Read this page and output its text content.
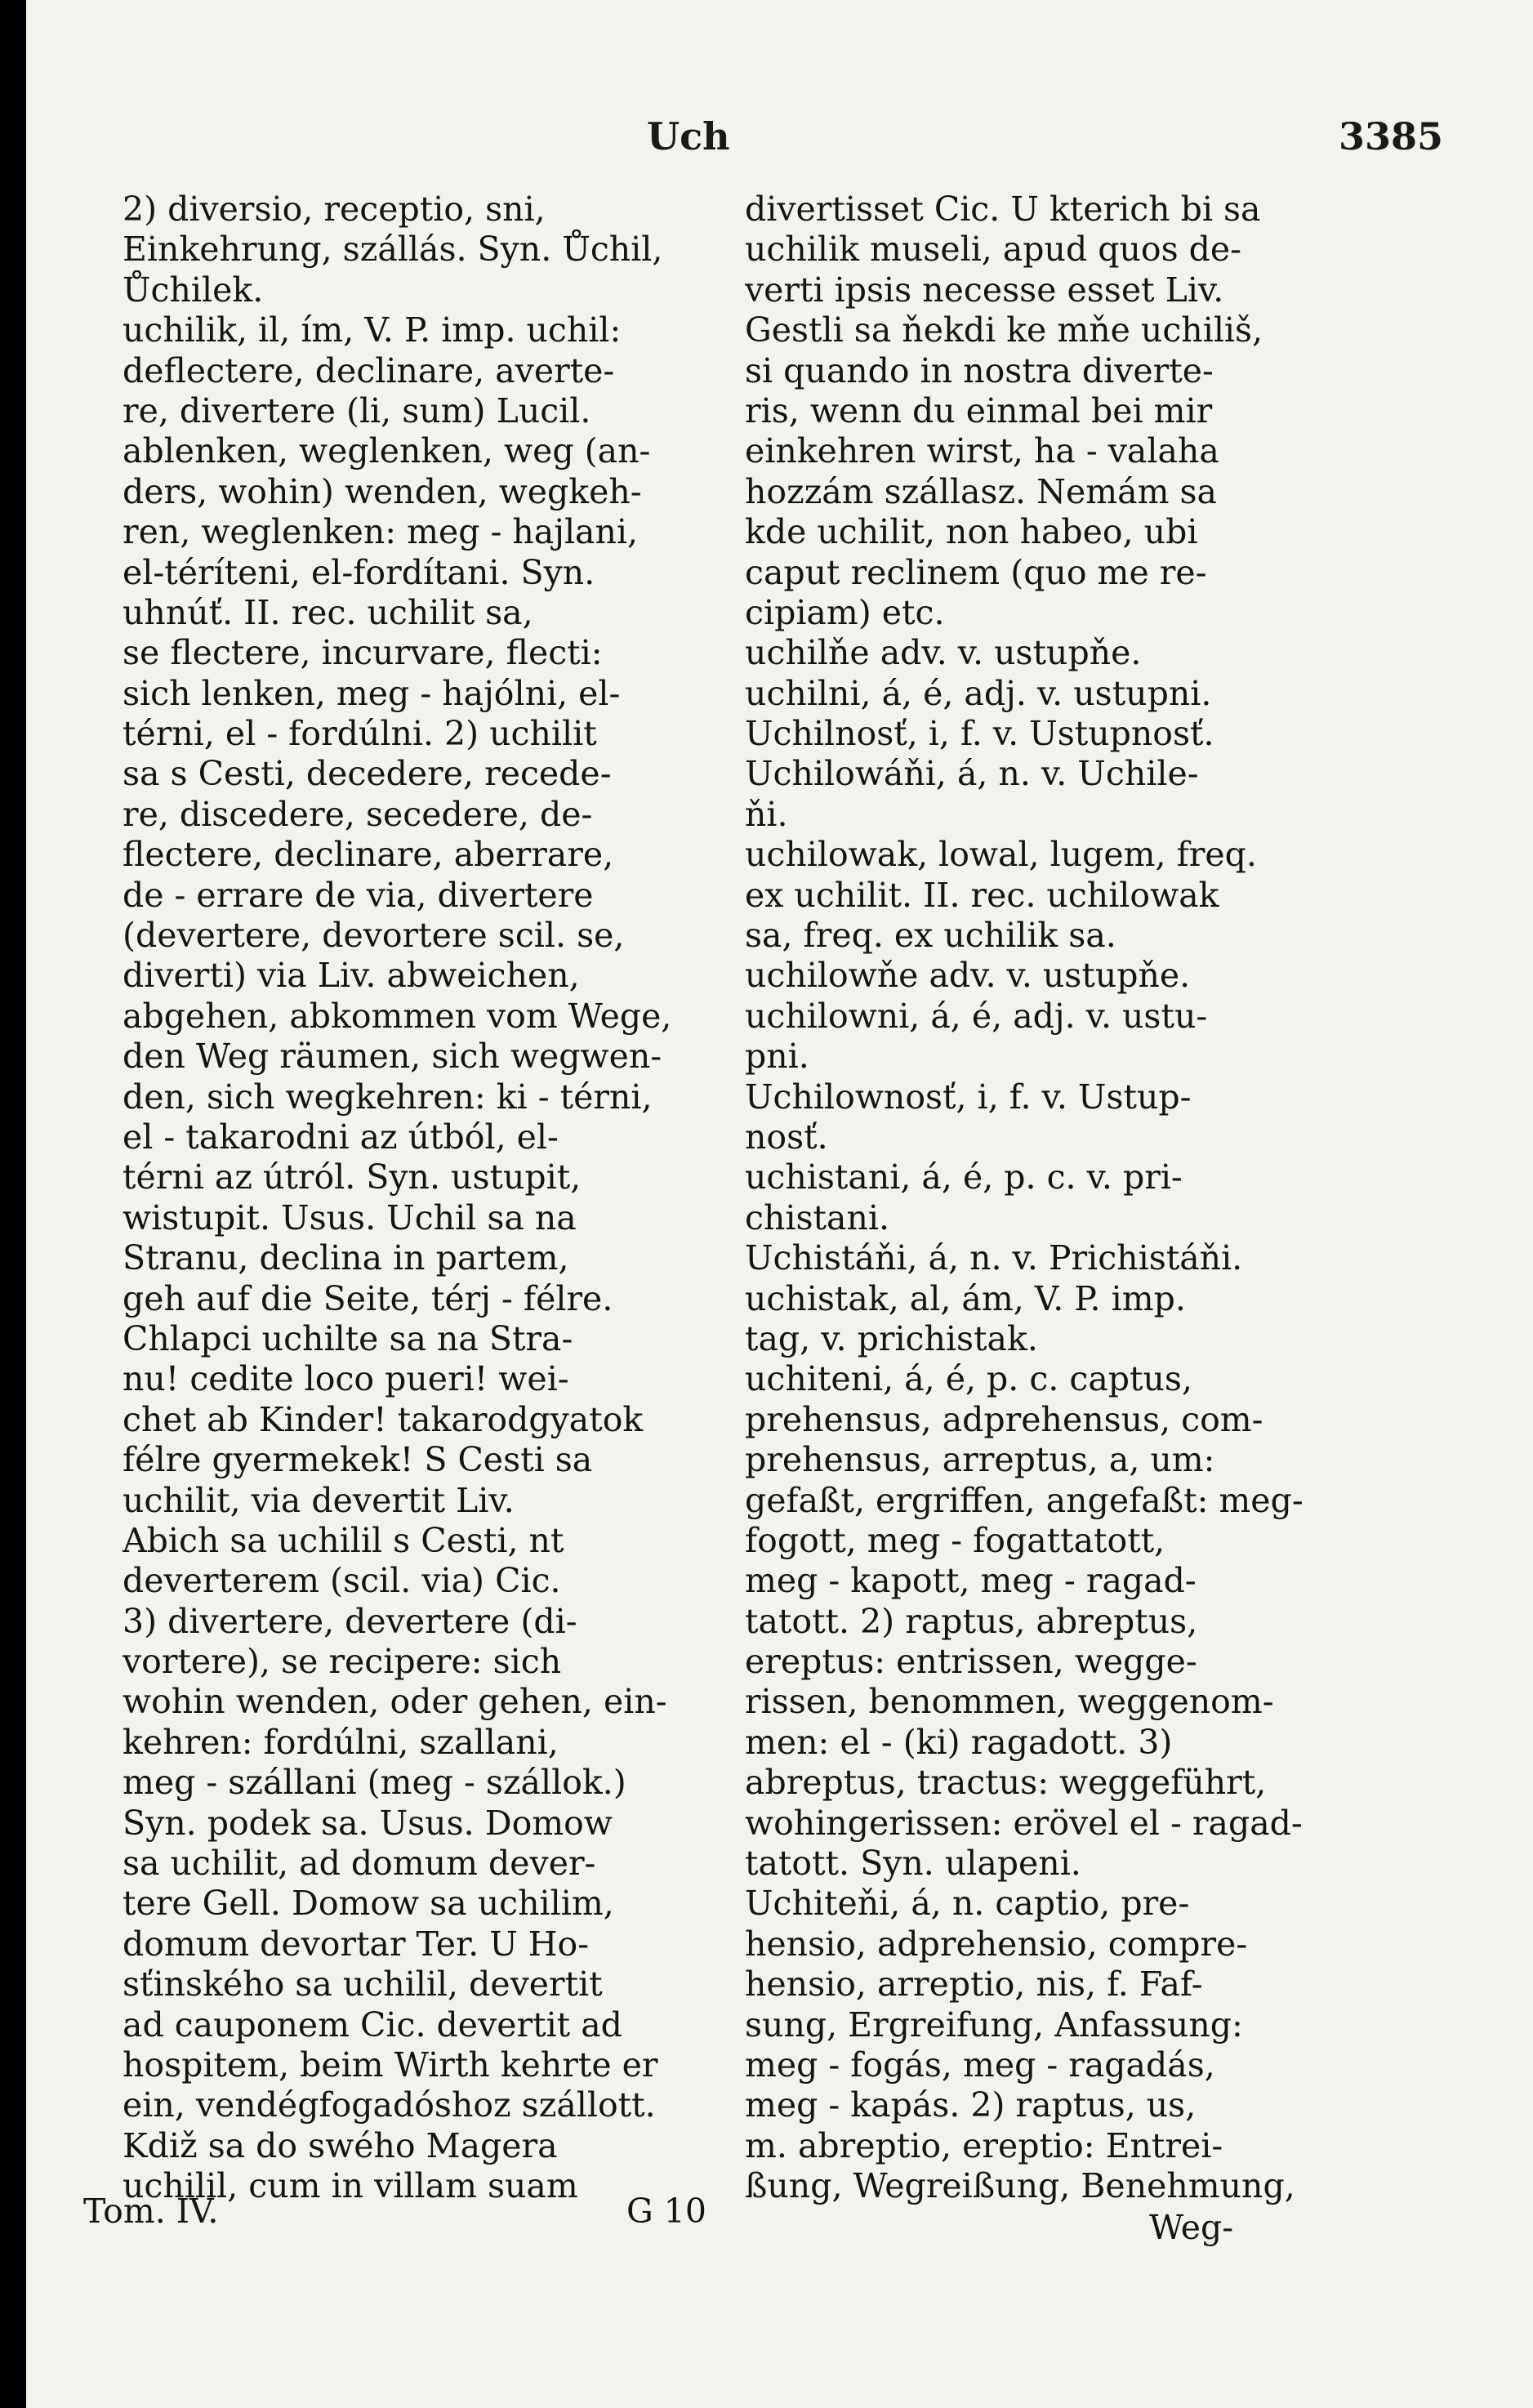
Uch	3385
2) diversio, receptio, sni,
Einkehrung, szállás. Syn. Ůchil,
Ůchilek.
uchilik, il, ím, V. P. imp. uchil:
deflectere, declinare, averte-
re, divertere (li, sum) Lucil.
ablenken, weglenken, weg (an-
ders, wohin) wenden, wegkeh-
ren, weglenken: meg - hajlani,
el-téríteni, el-fordítani. Syn.
uhnúť. II. rec. uchilit sa,
se flectere, incurvare, flecti:
sich lenken, meg - hajólni, el-
térni, el - fordúlni. 2) uchilit
sa s Cesti, decedere, recede-
re, discedere, secedere, de-
flectere, declinare, aberrare,
de - errare de via, divertere
(devertere, devortere scil. se,
diverti) via Liv. abweichen,
abgehen, abkommen vom Wege,
den Weg räumen, sich wegwen-
den, sich wegkehren: ki - térni,
el - takarodni az útból, el-
térni az útról. Syn. ustupit,
wistupit. Usus. Uchil sa na
Stranu, declina in partem,
geh auf die Seite, térj - félre.
Chlapci uchilte sa na Stra-
nu! cedite loco pueri! wei-
chet ab Kinder! takarodgyatok
félre gyermekek! S Cesti sa
uchilit, via devertit Liv.
Abich sa uchilil s Cesti, nt
deverterem (scil. via) Cic.
3) divertere, devertere (di-
vortere), se recipere: sich
wohin wenden, oder gehen, ein-
kehren: fordúlni, szallani,
meg - szállani (meg - szállok.)
Syn. podek sa. Usus. Domow
sa uchilit, ad domum dever-
tere Gell. Domow sa uchilim,
domum devortar Ter. U Ho-
sťinského sa uchilil, devertit
ad cauponem Cic. devertit ad
hospitem, beim Wirth kehrte er
ein, vendégfogadóshoz szállott.
Kdiž sa do swého Magera
uchilil, cum in villam suam
divertisset Cic. U kterich bi sa
uchilik museli, apud quos de-
verti ipsis necesse esset Liv.
Gestli sa ňekdi ke mňe uchiliš,
si quando in nostra diverte-
ris, wenn du einmal bei mir
einkehren wirst, ha - valaha
hozzám szállasz. Nemám sa
kde uchilit, non habeo, ubi
caput reclinem (quo me re-
cipiam) etc.
uchilňe adv. v. ustupňe.
uchilni, á, é, adj. v. ustupni.
Uchilnosť, i, f. v. Ustupnosť.
Uchilowáňi, á, n. v. Uchile-
ňi.
uchilowak, lowal, lugem, freq.
ex uchilit. II. rec. uchilowak
sa, freq. ex uchilik sa.
uchilowňe adv. v. ustupňe.
uchilowni, á, é, adj. v. ustu-
pni.
Uchilownosť, i, f. v. Ustup-
nosť.
uchistani, á, é, p. c. v. pri-
chistani.
Uchistáňi, á, n. v. Prichistáňi.
uchistak, al, ám, V. P. imp.
tag, v. prichistak.
uchiteni, á, é, p. c. captus,
prehensus, adprehensus, com-
prehensus, arreptus, a, um:
gefaßt, ergriffen, angefaßt: meg-
fogott, meg - fogattatott,
meg - kapott, meg - ragad-
tatott. 2) raptus, abreptus,
ereptus: entrissen, wegge-
rissen, benommen, weggenom-
men: el - (ki) ragadott. 3)
abreptus, tractus: weggeführt,
wohingerissen: erövel el - ragad-
tatott. Syn. ulapeni.
Uchiteňi, á, n. captio, pre-
hensio, adprehensio, compre-
hensio, arreptio, nis, f. Faf-
sung, Ergreifung, Anfassung:
meg - fogás, meg - ragadás,
meg - kapás. 2) raptus, us,
m. abreptio, ereptio: Entrei-
ßung, Wegreißung, Benehmung,
Tom. IV.	G 10	Weg-
